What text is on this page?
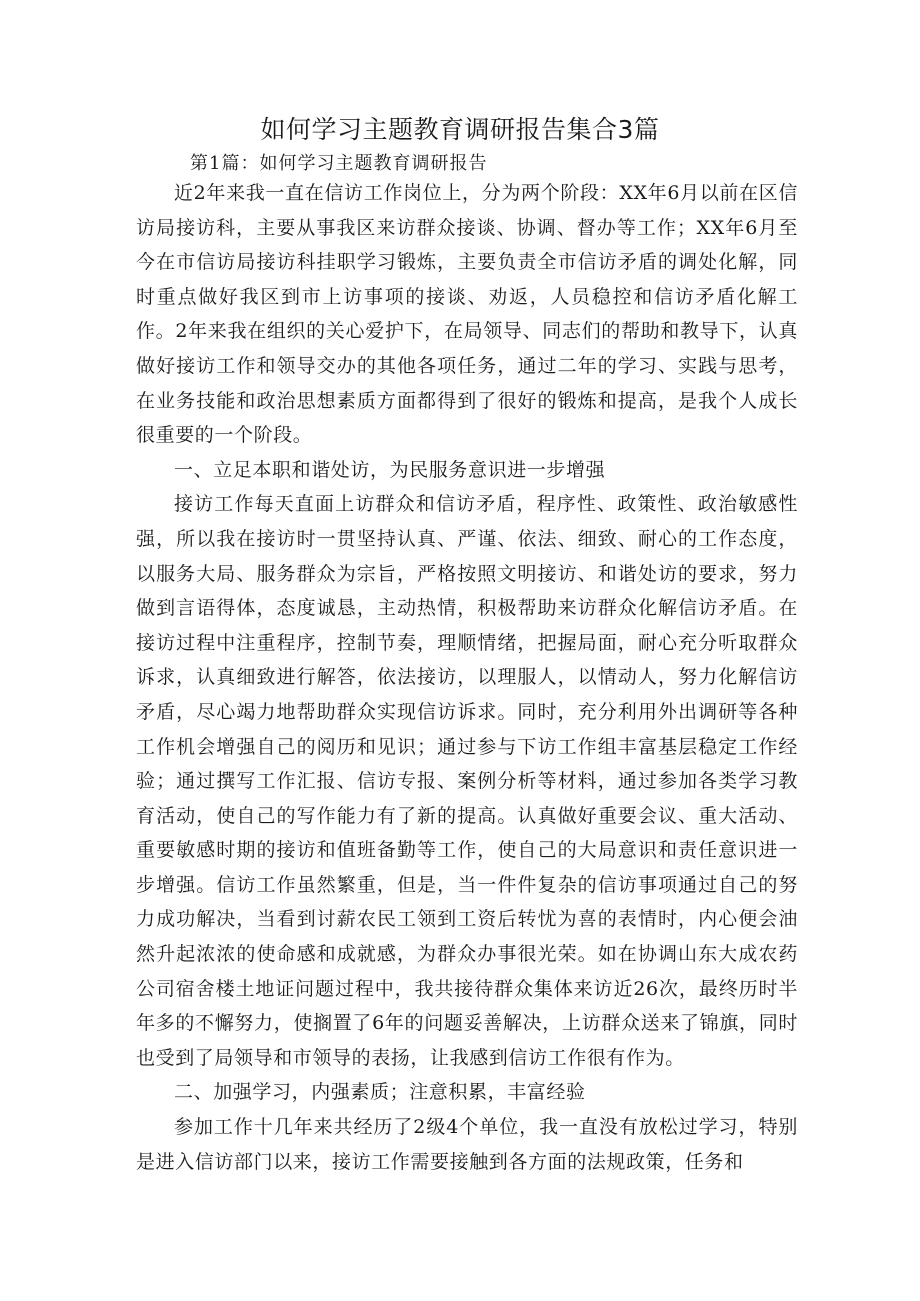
如何学习主题教育调研报告集合3篇

第1篇：如何学习主题教育调研报告

近2年来我一直在信访工作岗位上，分为两个阶段：XX年6月以前在区信访局接访科，主要从事我区来访群众接谈、协调、督办等工作；XX年6月至今在市信访局接访科挂职学习锻炼，主要负责全市信访矛盾的调处化解，同时重点做好我区到市上访事项的接谈、劝返，人员稳控和信访矛盾化解工作。2年来我在组织的关心爱护下，在局领导、同志们的帮助和教导下，认真做好接访工作和领导交办的其他各项任务，通过二年的学习、实践与思考，在业务技能和政治思想素质方面都得到了很好的锻炼和提高，是我个人成长很重要的一个阶段。

一、立足本职和谐处访，为民服务意识进一步增强

接访工作每天直面上访群众和信访矛盾，程序性、政策性、政治敏感性强，所以我在接访时一贯坚持认真、严谨、依法、细致、耐心的工作态度，以服务大局、服务群众为宗旨，严格按照文明接访、和谐处访的要求，努力做到言语得体，态度诚恳，主动热情，积极帮助来访群众化解信访矛盾。在接访过程中注重程序，控制节奏，理顺情绪，把握局面，耐心充分听取群众诉求，认真细致进行解答，依法接访，以理服人，以情动人，努力化解信访矛盾，尽心竭力地帮助群众实现信访诉求。同时，充分利用外出调研等各种工作机会增强自己的阅历和见识；通过参与下访工作组丰富基层稳定工作经验；通过撰写工作汇报、信访专报、案例分析等材料，通过参加各类学习教育活动，使自己的写作能力有了新的提高。认真做好重要会议、重大活动、重要敏感时期的接访和值班备勤等工作，使自己的大局意识和责任意识进一步增强。信访工作虽然繁重，但是，当一件件复杂的信访事项通过自己的努力成功解决，当看到讨薪农民工领到工资后转忧为喜的表情时，内心便会油然升起浓浓的使命感和成就感，为群众办事很光荣。如在协调山东大成农药公司宿舍楼土地证问题过程中，我共接待群众集体来访近26次，最终历时半年多的不懈努力，使搁置了6年的问题妥善解决，上访群众送来了锦旗，同时也受到了局领导和市领导的表扬，让我感到信访工作很有作为。

二、加强学习，内强素质；注意积累，丰富经验

参加工作十几年来共经历了2级4个单位，我一直没有放松过学习，特别是进入信访部门以来，接访工作需要接触到各方面的法规政策，任务和
